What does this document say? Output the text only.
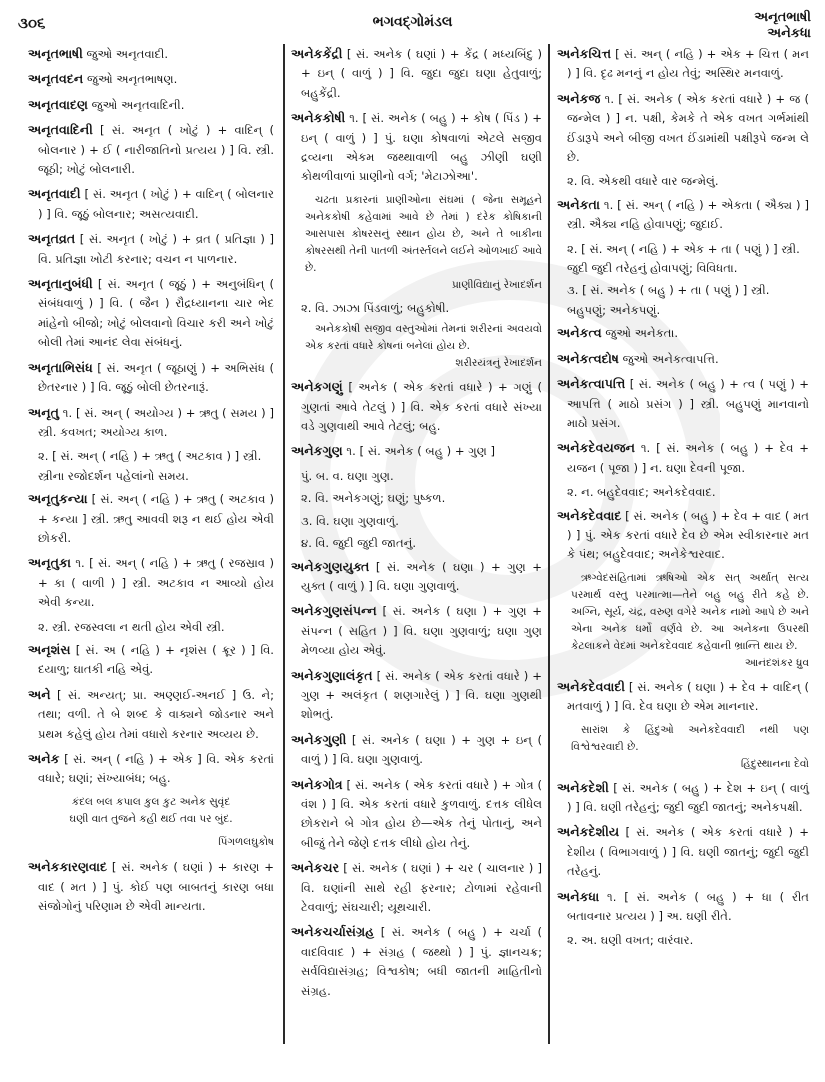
૩૦૬	ભગવદ્ગોમંડલ	અનૃતભાષી
અનેકધા
અનૃતભાષી જુઓ અનૃતવાદી.
અનૃતવદન જુઓ અનૃતભાષણ.
અનૃતવાદણ જુઓ અનૃતવાદિની.
અનૃતવાદિની [ સં. અનૃત ( ખોટું ) + વાદિન્ ( બોલનાર ) + ઈ ( નારીજાતિનો પ્રત્યય ) ] વિ. સ્ત્રી. જૂઠી; ખોટું બોલનારી.
અનૃતવાદી [ સં. અનૃત ( ખોટું ) + વાદિન્ ( બોલનાર ) ] વિ. જૂઠું બોલનાર; અસત્યવાદી.
અનૃતવ્રત [ સં. અનૃત ( ખોટું ) + વ્રત ( પ્રતિજ્ઞા ) ] વિ. પ્રતિજ્ઞા ખોટી કરનાર; વચન ન પાળનાર.
અનૃતાનુબંધી [ સં. અનૃત ( જૂઠું ) + અનુબંધિન્ ( સંબંધવાળું ) ] વિ. ( જૈન ) રૌદ્રધ્યાનના ચાર ભેદ માંહેનો બીજો; ખોટું બોલવાનો વિચાર કરી અને ખોટું બોલી તેમાં આનંદ લેવા સંબંધનું.
અનૃતાભિસંધ [ સં. અનૃત ( જૂઠાણું ) + અભિસંધ ( છેતરનાર ) ] વિ. જૂઠું બોલી છેતરનારૂં.
અનૃતુ ૧. [ સં. અન્ ( અયોગ્ય ) + ઋતુ ( સમય ) ] સ્ત્રી. કવખત; અયોગ્ય કાળ.
૨. [ સં. અન્ ( નહિ ) + ઋતુ ( અટકાવ ) ] સ્ત્રી. સ્ત્રીના રજોદર્શન પહેલાંનો સમય.
અનૃતુકન્યા [ સં. અન્ ( નહિ ) + ઋતુ ( અટકાવ ) + કન્યા ] સ્ત્રી. ઋતુ આવવી શરૂ ન થઈ હોય એવી છોકરી.
અનૃતુકા ૧. [ સં. અન્ ( નહિ ) + ઋતુ ( રજસ્રાવ ) + કા ( વાળી ) ] સ્ત્રી. અટકાવ ન આવ્યો હોય એવી કન્યા.
૨. સ્ત્રી. રજસ્વલા ન થતી હોય એવી સ્ત્રી.
અનૃશંસ [ સં. અ ( નહિ ) + નૃશંસ ( ક્રૂર ) ] વિ. દયાળુ; ઘાતકી નહિ એવું.
અને [ સં. અન્યત્; પ્રા. અણ્ણઈ-અનઈ ] ઉ. ને; તથા; વળી. તે બે શબ્દ કે વાક્યને જોડનાર અને પ્રથમ કહેલું હોય તેમાં વધારો કરનાર અવ્યય છે.
અનેક [ સં. અન્ ( નહિ ) + એક ] વિ. એક કરતાં વધારે; ઘણાં; સંખ્યાબંધ; બહુ.
કંદલ બલ કપાલ કુલ કુટ અનેક સુવૃંદ
ઘણી વાત તુજને કહી થઈ તવા પર બુંદ.
પિંગળલઘુકોષ
અનેકકારણવાદ [ સં. અનેક ( ઘણાં ) + કારણ + વાદ ( મત ) ] પું. કોઈ પણ બાબતનું કારણ બધા સંજોગોનું પરિણામ છે એવી માન્યતા.
અનેકકેંદ્રી [ સં. અનેક ( ઘણાં ) + કેંદ્ર ( મધ્યબિંદુ ) + ઇન્ ( વાળું ) ] વિ. જુદા જુદા ઘણા હેતુવાળું; બહુકેંદ્રી.
અનેકકોષી ૧. [ સં. અનેક ( બહુ ) + કોષ ( પિંડ ) + ઇન્ ( વાળું ) ] પું. ઘણા કોષવાળાં એટલે સજીવ દ્રવ્યના એકમ જથ્થાવાળી બહુ ઝીણી ઘણી કોથળીવાળાં પ્રાણીનો વર્ગ; 'મેટાઝોઆ'.
ચઢતા પ્રકારનાં પ્રાણીઓના સંઘમાં ( જેના સમૂહને અનેકકોષી કહેવામાં આવે છે તેમાં ) દરેક કોષિકાની આસપાસ કોષરસનું સ્થાન હોય છે, અને તે બાકીના કોષરસથી તેની પાતળી અંતર્સ્તલને લઈને ઓળખાઈ આવે છે.
પ્રાણીવિદ્યાનું રેખાદર્શન
૨. વિ. ઝાઝા પિંડવાળું; બહુકોષી.
અનેકકોષી સજીવ વસ્તુઓમાં તેમનાં શરીરનાં અવયવો એક કરતાં વધારે કોષનાં બનેલાં હોય છે.
શરીરયંત્રનું રેખાદર્શન
અનેકગણું [ અનેક ( એક કરતાં વધારે ) + ગણું ( ગુણતાં આવે તેટલું ) ] વિ. એક કરતાં વધારે સંખ્યા વડે ગુણવાથી આવે તેટલું; બહુ.
અનેકગુણ ૧. [ સં. અનેક ( બહુ ) + ગુણ ]
પું. બ. વ. ઘણા ગુણ.
૨. વિ. અનેકગણું; ઘણું; પુષ્કળ.
૩. વિ. ઘણા ગુણવાળું.
૪. વિ. જુદી જુદી જાતનું.
અનેકગુણયુક્ત [ સં. અનેક ( ઘણા ) + ગુણ + યુક્ત ( વાળું ) ] વિ. ઘણા ગુણવાળું.
અનેકગુણસંપન્ન [ સં. અનેક ( ઘણા ) + ગુણ + સંપન્ન ( સહિત ) ] વિ. ઘણા ગુણવાળું; ઘણા ગુણ મેળવ્યા હોય એવું.
અનેકગુણાલંકૃત [ સં. અનેક ( એક કરતાં વધારે ) + ગુણ + અલંકૃત ( શણગારેલું ) ] વિ. ઘણા ગુણથી શોભતું.
અનેકગુણી [ સં. અનેક ( ઘણા ) + ગુણ + ઇન્ ( વાળું ) ] વિ. ઘણા ગુણવાળું.
અનેકગોત્ર [ સં. અનેક ( એક કરતાં વધારે ) + ગોત્ર ( વંશ ) ] વિ. એક કરતાં વધારે કુળવાળું. દત્તક લીધેલ છોકરાને બે ગોત્ર હોય છે—એક તેનું પોતાનું, અને બીજું તેને જેણે દત્તક લીધો હોય તેનું.
અનેકચર [ સં. અનેક ( ઘણાં ) + ચર ( ચાલનાર ) ] વિ. ઘણાંની સાથે રહી ફરનાર; ટોળામાં રહેવાની ટેવવાળું; સંઘચારી; યૂથચારી.
અનેકચર્ચાસંગ્રહ [ સં. અનેક ( બહુ ) + ચર્ચા ( વાદવિવાદ ) + સંગ્રહ ( જથ્થો ) ] પું. જ્ઞાનચક્ર; સર્વવિદ્યાસંગ્રહ; વિશ્વકોષ; બધી જાતની માહિતીનો સંગ્રહ.
અનેકચિત્ત [ સં. અન્ ( નહિ ) + એક + ચિત્ત ( મન ) ] વિ. દૃઢ મનનું ન હોય તેવું; અસ્થિર મનવાળું.
અનેકજ ૧. [ સં. અનેક ( એક કરતાં વધારે ) + જ ( જન્મેલ ) ] ન. પક્ષી, કેમકે તે એક વખત ગર્ભમાંથી ઈંડારૂપે અને બીજી વખત ઈંડામાંથી પક્ષીરૂપે જન્મ લે છે.
૨. વિ. એકથી વધારે વાર જન્મેલું.
અનેકતા ૧. [ સં. અન્ ( નહિ ) + એકતા ( ઐક્ય ) ] સ્ત્રી. ઐક્ય નહિ હોવાપણું; જુદાઈ.
૨. [ સં. અન્ ( નહિ ) + એક + તા ( પણું ) ] સ્ત્રી. જુદી જુદી તરેહનું હોવાપણું; વિવિધતા.
૩. [ સં. અનેક ( બહુ ) + તા ( પણું ) ] સ્ત્રી. બહુપણું; અનેકપણું.
અનેકત્વ જુઓ અનેકતા.
અનેકત્વદોષ જુઓ અનેકત્વાપત્તિ.
અનેકત્વાપત્તિ [ સં. અનેક ( બહુ ) + ત્વ ( પણું ) + આપત્તિ ( માઠો પ્રસંગ ) ] સ્ત્રી. બહુપણું માનવાનો માઠો પ્રસંગ.
અનેકદેવયજન ૧. [ સં. અનેક ( બહુ ) + દેવ + યજન ( પૂજા ) ] ન. ઘણા દેવની પૂજા.
૨. ન. બહુદેવવાદ; અનેકદેવવાદ.
અનેકદેવવાદ [ સં. અનેક ( બહુ ) + દેવ + વાદ ( મત ) ] પું. એક કરતાં વધારે દેવ છે એમ સ્વીકારનાર મત કે પંથ; બહુદેવવાદ; અનેકેશ્વરવાદ.
ઋગ્વેદસંહિતામાં ઋષિઓ એક સત્ અર્થાત્ સત્ય પરમાર્થ વસ્તુ પરમાત્મા—તેને બહુ બહુ રીતે કહે છે. અગ્નિ, સૂર્ય, ચંદ્ર, વરુણ વગેરે અનેક નામો આપે છે અને એના અનેક ધર્મો વર્ણવે છે. આ અનેકના ઉપરથી કેટલાકને વેદમાં અનેકદેવવાદ કહેવાની ભ્રાન્તિ થાય છે.
આનંદશંકર ધ્રુવ
અનેકદેવવાદી [ સં. અનેક ( ઘણા ) + દેવ + વાદિન્ ( મતવાળું ) ] વિ. દેવ ઘણા છે એમ માનનાર.
સારાંશ કે હિંદુઓ અનેકદેવવાદી નથી પણ વિશ્વેશ્વરવાદી છે.
હિંદુસ્થાનના દેવો
અનેકદેશી [ સં. અનેક ( બહુ ) + દેશ + ઇન્ ( વાળું ) ] વિ. ઘણી તરેહનું; જુદી જુદી જાતનું; અનેકપક્ષી.
અનેકદેશીય [ સં. અનેક ( એક કરતાં વધારે ) + દેશીય ( વિભાગવાળું ) ] વિ. ઘણી જાતનું; જુદી જુદી તરેહનું.
અનેકધા ૧. [ સં. અનેક ( બહુ ) + ધા ( રીત બતાવનાર પ્રત્યય ) ] અ. ઘણી રીતે.
૨. અ. ઘણી વખત; વારંવાર.
